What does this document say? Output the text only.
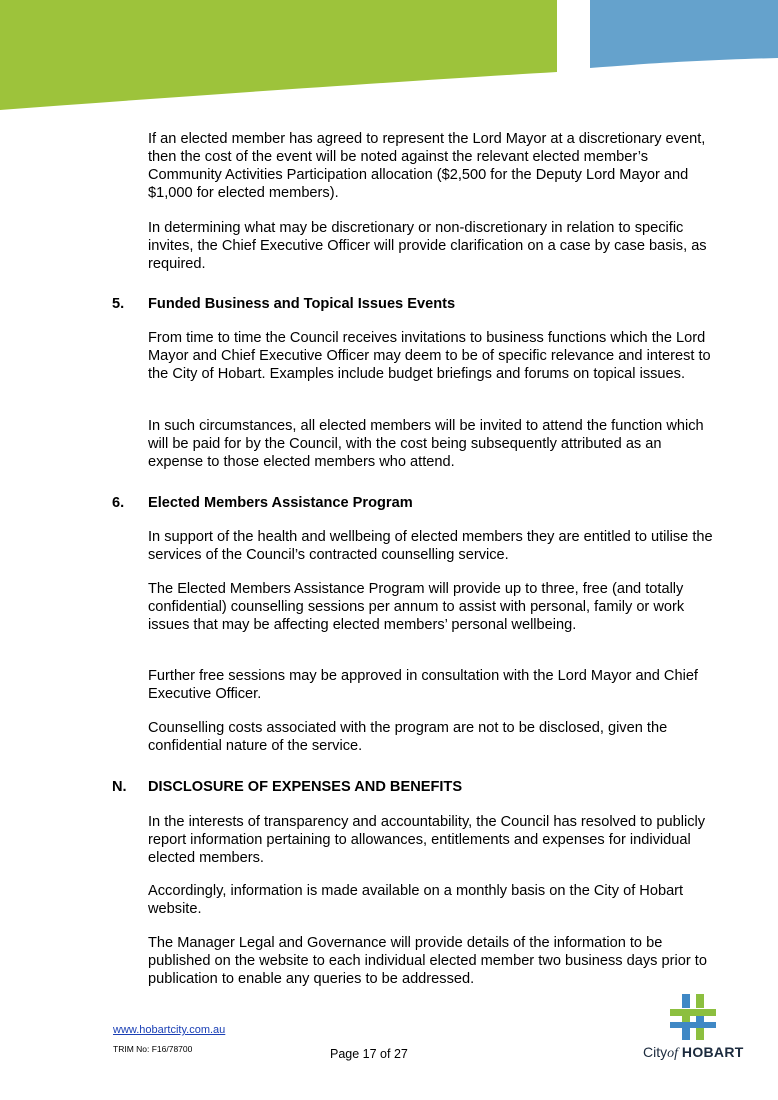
If an elected member has agreed to represent the Lord Mayor at a discretionary event, then the cost of the event will be noted against the relevant elected member’s Community Activities Participation allocation ($2,500 for the Deputy Lord Mayor and $1,000 for elected members).

In determining what may be discretionary or non-discretionary in relation to specific invites, the Chief Executive Officer will provide clarification on a case by case basis, as required.

5. Funded Business and Topical Issues Events

From time to time the Council receives invitations to business functions which the Lord Mayor and Chief Executive Officer may deem to be of specific relevance and interest to the City of Hobart. Examples include budget briefings and forums on topical issues.

In such circumstances, all elected members will be invited to attend the function which will be paid for by the Council, with the cost being subsequently attributed as an expense to those elected members who attend.

6. Elected Members Assistance Program

In support of the health and wellbeing of elected members they are entitled to utilise the services of the Council’s contracted counselling service.

The Elected Members Assistance Program will provide up to three, free (and totally confidential) counselling sessions per annum to assist with personal, family or work issues that may be affecting elected members’ personal wellbeing.

Further free sessions may be approved in consultation with the Lord Mayor and Chief Executive Officer.

Counselling costs associated with the program are not to be disclosed, given the confidential nature of the service.

N. DISCLOSURE OF EXPENSES AND BENEFITS

In the interests of transparency and accountability, the Council has resolved to publicly report information pertaining to allowances, entitlements and expenses for individual elected members.

Accordingly, information is made available on a monthly basis on the City of Hobart website.

The Manager Legal and Governance will provide details of the information to be published on the website to each individual elected member two business days prior to publication to enable any queries to be addressed.

www.hobartcity.com.au
TRIM No: F16/78700	Page 17 of 27	Cityof HOBART
